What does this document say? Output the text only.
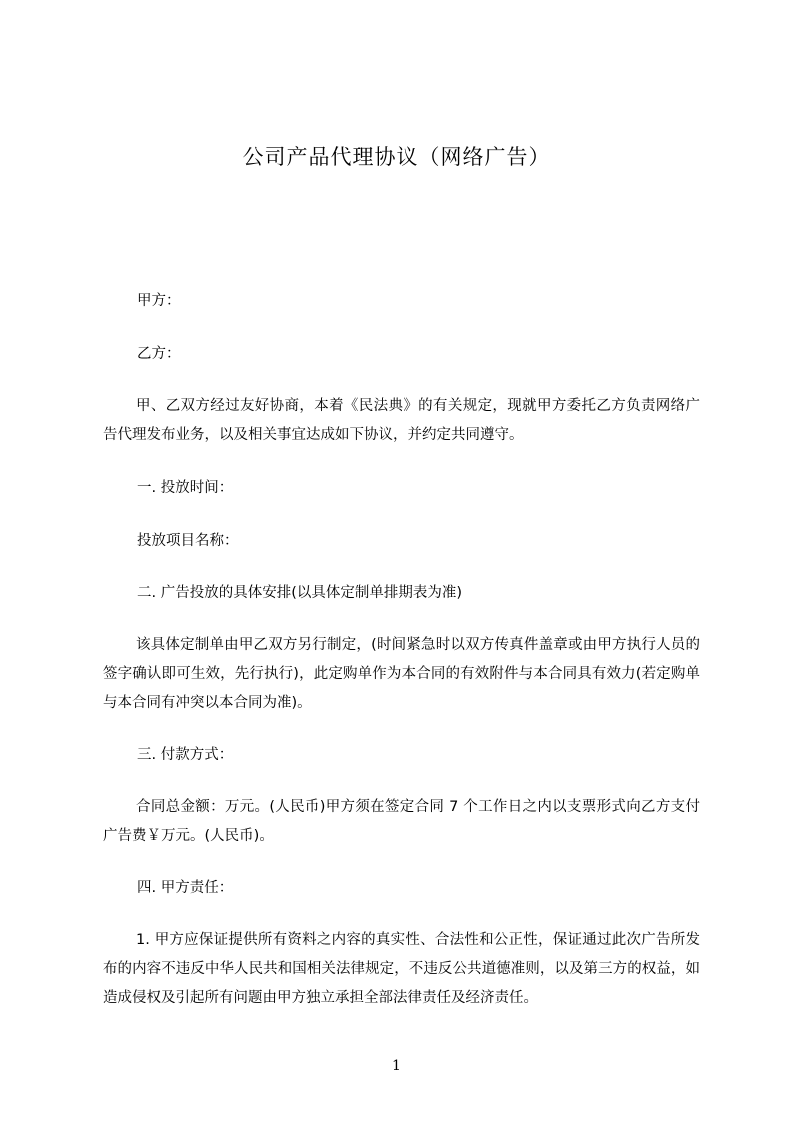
公司产品代理协议（网络广告）
甲方：
乙方：
甲、乙双方经过友好协商，本着《民法典》的有关规定，现就甲方委托乙方负责网络广告代理发布业务，以及相关事宜达成如下协议，并约定共同遵守。
一. 投放时间：
投放项目名称：
二. 广告投放的具体安排(以具体定制单排期表为准)
该具体定制单由甲乙双方另行制定，(时间紧急时以双方传真件盖章或由甲方执行人员的签字确认即可生效，先行执行)，此定购单作为本合同的有效附件与本合同具有效力(若定购单与本合同有冲突以本合同为准)。
三. 付款方式：
合同总金额：万元。(人民币)甲方须在签定合同 7 个工作日之内以支票形式向乙方支付广告费￥万元。(人民币)。
四. 甲方责任：
1. 甲方应保证提供所有资料之内容的真实性、合法性和公正性，保证通过此次广告所发布的内容不违反中华人民共和国相关法律规定，不违反公共道德准则，以及第三方的权益，如造成侵权及引起所有问题由甲方独立承担全部法律责任及经济责任。
1
